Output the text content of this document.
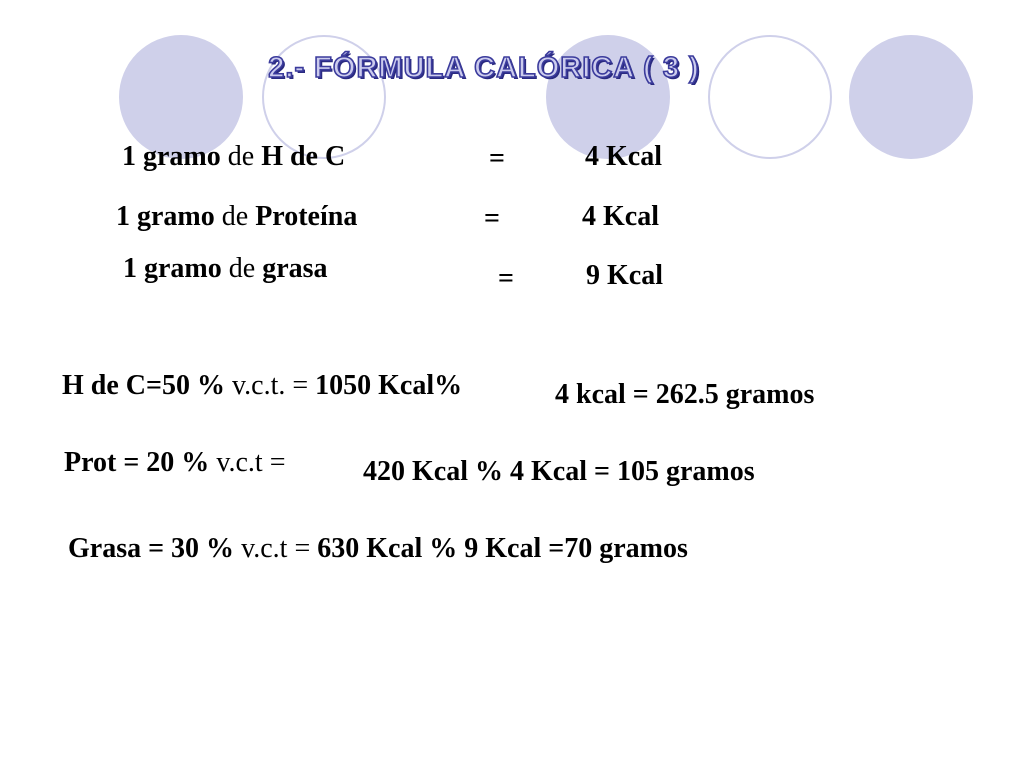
2.- FÓRMULA CALÓRICA ( 3 )
1 gramo de H de C	=	4 Kcal
1 gramo de Proteína	=	4 Kcal
1 gramo de grasa	=	9 Kcal
H de C=50 % v.c.t. = 1050 Kcal%	4 kcal = 262.5 gramos
Prot = 20 % v.c.t =	420 Kcal % 4 Kcal = 105 gramos
Grasa = 30 % v.c.t = 630 Kcal % 9 Kcal =70 gramos
